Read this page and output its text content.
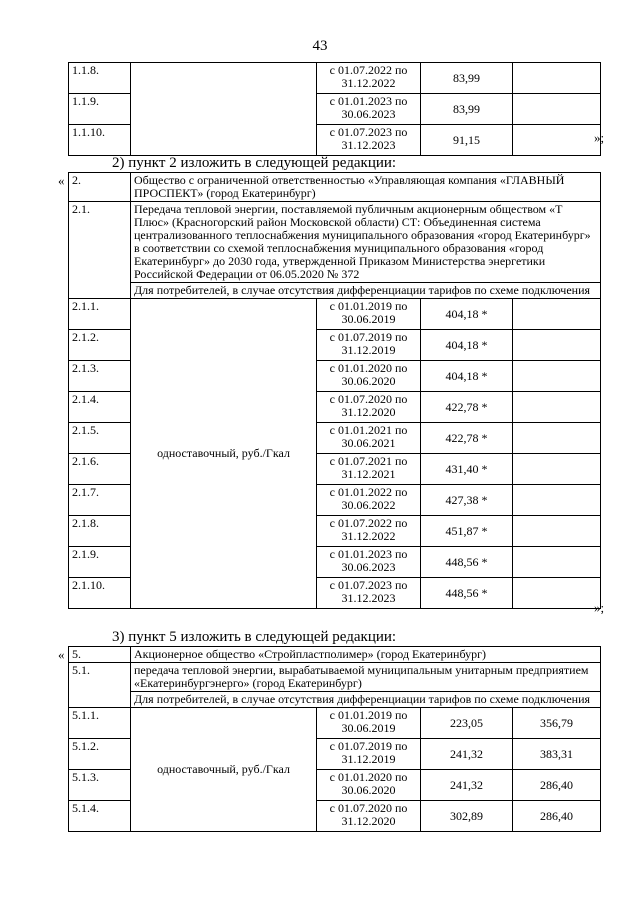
43
1.1.8.		с 01.07.2022 по 31.12.2022	83,99	
1.1.9.		с 01.01.2023 по 30.06.2023	83,99	
1.1.10.		с 01.07.2023 по 31.12.2023	91,15		»;
2) пункт 2 изложить в следующей редакции:
« 2.	Общество с ограниченной ответственностью «Управляющая компания «ГЛАВНЫЙ ПРОСПЕКТ» (город Екатеринбург)			
2.1.	Передача тепловой энергии, поставляемой публичным акционерным обществом «Т Плюс» (Красногорский район Московской области) СТ: Объединенная система централизованного теплоснабжения муниципального образования «город Екатеринбург» в соответствии со схемой теплоснабжения муниципального образования «город Екатеринбург» до 2030 года, утвержденной Приказом Министерства энергетики Российской Федерации от 06.05.2020 № 372			
	Для потребителей, в случае отсутствия дифференциации тарифов по схеме подключения			
2.1.1.	одноставочный, руб./Гкал	с 01.01.2019 по 30.06.2019	404,18 *	
2.1.2.		с 01.07.2019 по 31.12.2019	404,18 *	
2.1.3.		с 01.01.2020 по 30.06.2020	404,18 *	
2.1.4.		с 01.07.2020 по 31.12.2020	422,78 *	
2.1.5.		с 01.01.2021 по 30.06.2021	422,78 *	
2.1.6.		с 01.07.2021 по 31.12.2021	431,40 *	
2.1.7.		с 01.01.2022 по 30.06.2022	427,38 *	
2.1.8.		с 01.07.2022 по 31.12.2022	451,87 *	
2.1.9.		с 01.01.2023 по 30.06.2023	448,56 *	
2.1.10.		с 01.07.2023 по 31.12.2023	448,56 *	
»;
3) пункт 5 изложить в следующей редакции:
« 5.	Акционерное общество «Стройпластполимер» (город Екатеринбург)			
5.1.	передача тепловой энергии, вырабатываемой муниципальным унитарным предприятием «Екатеринбургэнерго» (город Екатеринбург)			
	Для потребителей, в случае отсутствия дифференциации тарифов по схеме подключения			
5.1.1.	одноставочный, руб./Гкал	с 01.01.2019 по 30.06.2019	223,05	356,79
5.1.2.		с 01.07.2019 по 31.12.2019	241,32	383,31
5.1.3.		с 01.01.2020 по 30.06.2020	241,32	286,40
5.1.4.		с 01.07.2020 по 31.12.2020	302,89	286,40
